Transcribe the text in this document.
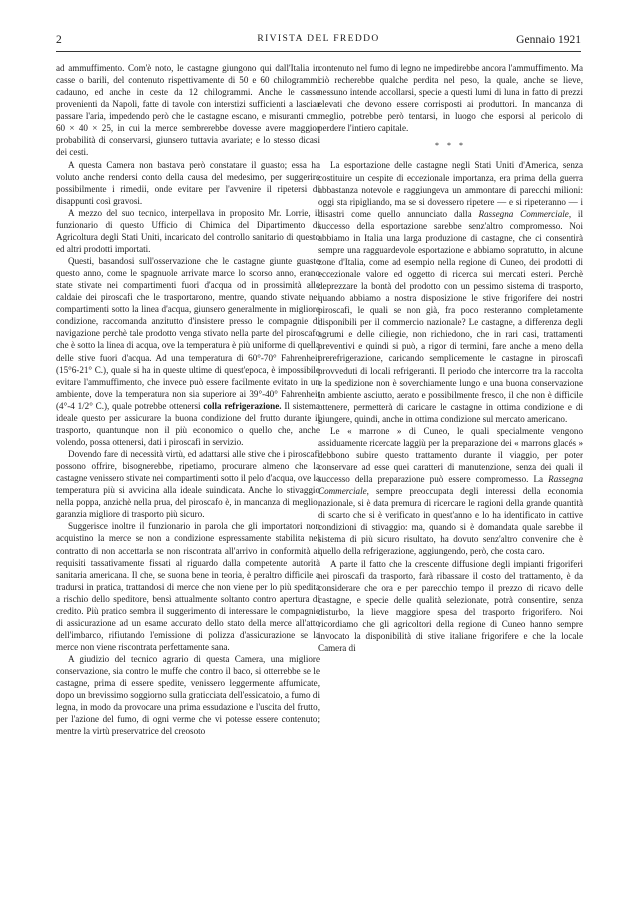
2	RIVISTA DEL FREDDO	Gennaio 1921

ad ammuffimento. Com'è noto, le castagne giungono qui dall'Italia in casse o barili, del contenuto rispettivamente di 50 e 60 chilogrammi cadauno, ed anche in ceste da 12 chilogrammi. Anche le casse provenienti da Napoli, fatte di tavole con interstizi sufficienti a lasciar passare l'aria, impedendo però che le castagne escano, e misuranti cm. 60 × 40 × 25, in cui la merce sembrerebbe dovesse avere maggior probabilità di conservarsi, giunsero tuttavia avariate; e lo stesso dicasi dei cesti.

A questa Camera non bastava però constatare il guasto; essa ha voluto anche rendersi conto della causa del medesimo, per suggerire possibilmente i rimedii, onde evitare per l'avvenire il ripetersi di disappunti così gravosi.

A mezzo del suo tecnico, interpellava in proposito Mr. Lorrie, il funzionario di questo Ufficio di Chimica del Dipartimento di Agricoltura degli Stati Uniti, incaricato del controllo sanitario di questo ed altri prodotti importati.

Questi, basandosi sull'osservazione che le castagne giunte guaste questo anno, come le spagnuole arrivate marce lo scorso anno, erano state stivate nei compartimenti fuori d'acqua od in prossimità alle caldaie dei piroscafi che le trasportarono, mentre, quando stivate nei compartimenti sotto la linea d'acqua, giunsero generalmente in migliore condizione, raccomanda anzitutto d'insistere presso le compagnie di navigazione perchè tale prodotto venga stivato nella parte del piroscafo che è sotto la linea di acqua, ove la temperatura è più uniforme di quella delle stive fuori d'acqua. Ad una temperatura di 60°-70° Fahrenheit (15°6-21° C.), quale si ha in queste ultime di quest'epoca, è impossibile evitare l'ammuffimento, che invece può essere facilmente evitato in un ambiente, dove la temperatura non sia superiore ai 39°-40° Fahrenheit (4°-4 1/2° C.), quale potrebbe ottenersi colla refrigerazione. Il sistema ideale questo per assicurare la buona condizione del frutto durante il trasporto, quantunque non il più economico o quello che, anche volendo, possa ottenersi, dati i piroscafi in servizio.

Dovendo fare di necessità virtù, ed adattarsi alle stive che i piroscafi possono offrire, bisognerebbe, ripetiamo, procurare almeno che la castagne venissero stivate nei compartimenti sotto il pelo d'acqua, ove la temperatura più si avvicina alla ideale suindicata. Anche lo stivaggio nella poppa, anzichè nella prua, del piroscafo è, in mancanza di meglio, garanzia migliore di trasporto più sicuro.

Suggerisce inoltre il funzionario in parola che gli importatori non acquistino la merce se non a condizione espressamente stabilita nel contratto di non accettarla se non riscontrata all'arrivo in conformità ai requisiti tassativamente fissati al riguardo dalla competente autorità sanitaria americana. Il che, se suona bene in teoria, è peraltro difficile a tradursi in pratica, trattandosi di merce che non viene per lo più spedita a rischio dello speditore, bensì attualmente soltanto contro apertura di credito. Più pratico sembra il suggerimento di interessare le compagnie di assicurazione ad un esame accurato dello stato della merce all'atto dell'imbarco, rifiutando l'emissione di polizza d'assicurazione se la merce non viene riscontrata perfettamente sana.

A giudizio del tecnico agrario di questa Camera, una migliore conservazione, sia contro le muffe che contro il baco, si otterrebbe se le castagne, prima di essere spedite, venissero leggermente affumicate, dopo un brevissimo soggiorno sulla graticciata dell'essicatoio, a fumo di legna, in modo da provocare una prima essudazione e l'uscita del frutto, per l'azione del fumo, di ogni verme che vi potesse essere contenuto; mentre la virtù preservatrice del creosoto

contenuto nel fumo di legno ne impedirebbe ancora l'ammuffimento. Ma ciò recherebbe qualche perdita nel peso, la quale, anche se lieve, nessuno intende accollarsi, specie a questi lumi di luna in fatto di prezzi elevati che devono essere corrisposti ai produttori. In mancanza di meglio, potrebbe però tentarsi, in luogo che esporsi al pericolo di perdere l'intiero capitale.

* * *

La esportazione delle castagne negli Stati Uniti d'America, senza costituire un cespite di eccezionale importanza, era prima della guerra abbastanza notevole e raggiungeva un ammontare di parecchi milioni: oggi sta ripigliando, ma se si dovessero ripetere — e si ripeteranno — i disastri come quello annunciato dalla Rassegna Commerciale, il successo della esportazione sarebbe senz'altro compromesso. Noi abbiamo in Italia una larga produzione di castagne, che ci consentirà sempre una ragguardevole esportazione e abbiamo sopratutto, in alcune zone d'Italia, come ad esempio nella regione di Cuneo, dei prodotti di eccezionale valore ed oggetto di ricerca sui mercati esteri. Perchè deprezzare la bontà del prodotto con un pessimo sistema di trasporto, quando abbiamo a nostra disposizione le stive frigorifere dei nostri piroscafi, le quali se non già, fra poco resteranno completamente disponibili per il commercio nazionale? Le castagne, a differenza degli agrumi e delle ciliegie, non richiedono, che in rari casi, trattamenti preventivi e quindi si può, a rigor di termini, fare anche a meno della prerefrigerazione, caricando semplicemente le castagne in piroscafi provveduti di locali refrigeranti. Il periodo che intercorre tra la raccolta e la spedizione non è soverchiamente lungo e una buona conservazione in ambiente asciutto, aerato e possibilmente fresco, il che non è difficile ottenere, permetterà di caricare le castagne in ottima condizione e di giungere, quindi, anche in ottima condizione sul mercato americano.

Le « marrone » di Cuneo, le quali specialmente vengono assiduamente ricercate laggiù per la preparazione dei « marrons glacés » debbono subire questo trattamento durante il viaggio, per poter conservare ad esse quei caratteri di manutenzione, senza dei quali il successo della preparazione può essere compromesso. La Rassegna Commerciale, sempre preoccupata degli interessi della economia nazionale, si è data premura di ricercare le ragioni della grande quantità di scarto che si è verificato in quest'anno e lo ha identificato in cattive condizioni di stivaggio: ma, quando si è domandata quale sarebbe il sistema di più sicuro risultato, ha dovuto senz'altro convenire che è quello della refrigerazione, aggiungendo, però, che costa caro.

A parte il fatto che la crescente diffusione degli impianti frigoriferi nei piroscafi da trasporto, farà ribassare il costo del trattamento, è da considerare che ora e per parecchio tempo il prezzo di ricavo delle castagne, e specie delle qualità selezionate, potrà consentire, senza disturbo, la lieve maggiore spesa del trasporto frigorifero. Noi ricordiamo che gli agricoltori della regione di Cuneo hanno sempre invocato la disponibilità di stive italiane frigorifere e che la locale Camera di
